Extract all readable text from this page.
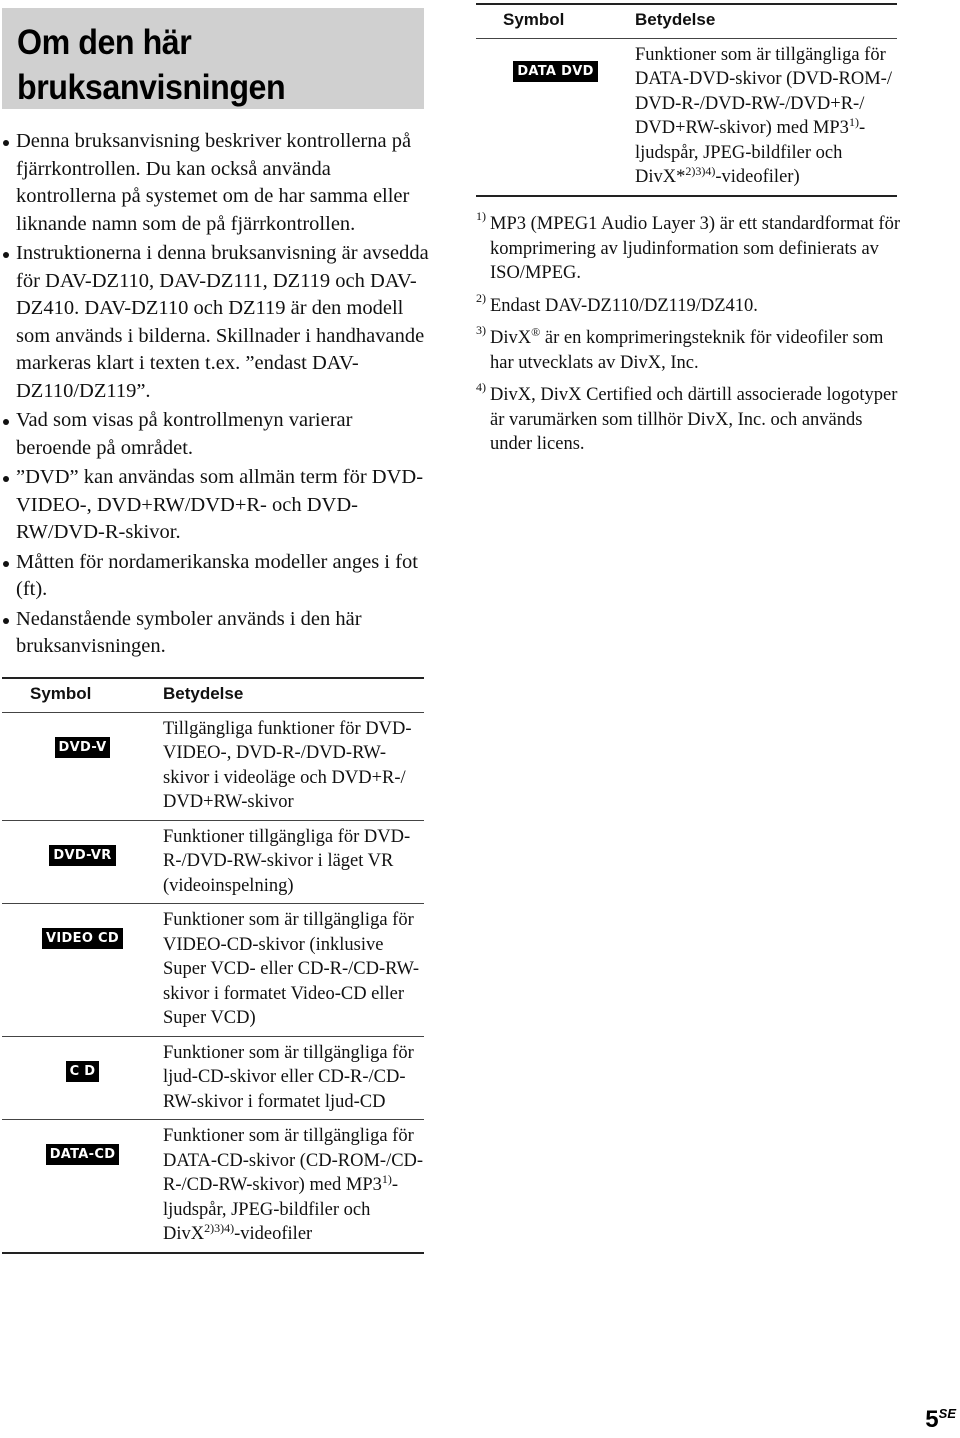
Om den här bruksanvisningen
Denna bruksanvisning beskriver kontrollerna på fjärrkontrollen. Du kan också använda kontrollerna på systemet om de har samma eller liknande namn som de på fjärrkontrollen.
Instruktionerna i denna bruksanvisning är avsedda för DAV-DZ110, DAV-DZ111, DZ119 och DAV-DZ410. DAV-DZ110 och DZ119 är den modell som används i bilderna. Skillnader i handhavande markeras klart i texten t.ex. ”endast DAV-DZ110/DZ119”.
Vad som visas på kontrollmenyn varierar beroende på området.
”DVD” kan användas som allmän term för DVD-VIDEO-, DVD+RW/DVD+R- och DVD-RW/DVD-R-skivor.
Måtten för nordamerikanska modeller anges i fot (ft).
Nedanstående symboler används i den här bruksanvisningen.
Symbol	Betydelse
DVD-V	Tillgängliga funktioner för DVD-VIDEO-, DVD-R-/DVD-RW-skivor i videoläge och DVD+R-/ DVD+RW-skivor
DVD-VR	Funktioner tillgängliga för DVD-R-/DVD-RW-skivor i läget VR (videoinspelning)
VIDEO CD	Funktioner som är tillgängliga för VIDEO-CD-skivor (inklusive Super VCD- eller CD-R-/CD-RW-skivor i formatet Video-CD eller Super VCD)
C D	Funktioner som är tillgängliga för ljud-CD-skivor eller CD-R-/CD-RW-skivor i formatet ljud-CD
DATA-CD	Funktioner som är tillgängliga för DATA-CD-skivor (CD-ROM-/CD-R-/CD-RW-skivor) med MP3$^{1)}$-ljudspår, JPEG-bildfiler och DivX$^{2)3)4)}$-videofiler
Symbol	Betydelse
DATA DVD	Funktioner som är tillgängliga för DATA-DVD-skivor (DVD-ROM-/ DVD-R-/DVD-RW-/DVD+R-/ DVD+RW-skivor) med MP3$^{1)}$-ljudspår, JPEG-bildfiler och DivX*$^{2)3)4)}$-videofiler)
1) MP3 (MPEG1 Audio Layer 3) är ett standardformat för komprimering av ljudinformation som definierats av ISO/MPEG.
2) Endast DAV-DZ110/DZ119/DZ410.
3) DivX® är en komprimeringsteknik för videofiler som har utvecklats av DivX, Inc.
4) DivX, DivX Certified och därtill associerade logotyper är varumärken som tillhör DivX, Inc. och används under licens.
$5^{SE}$
